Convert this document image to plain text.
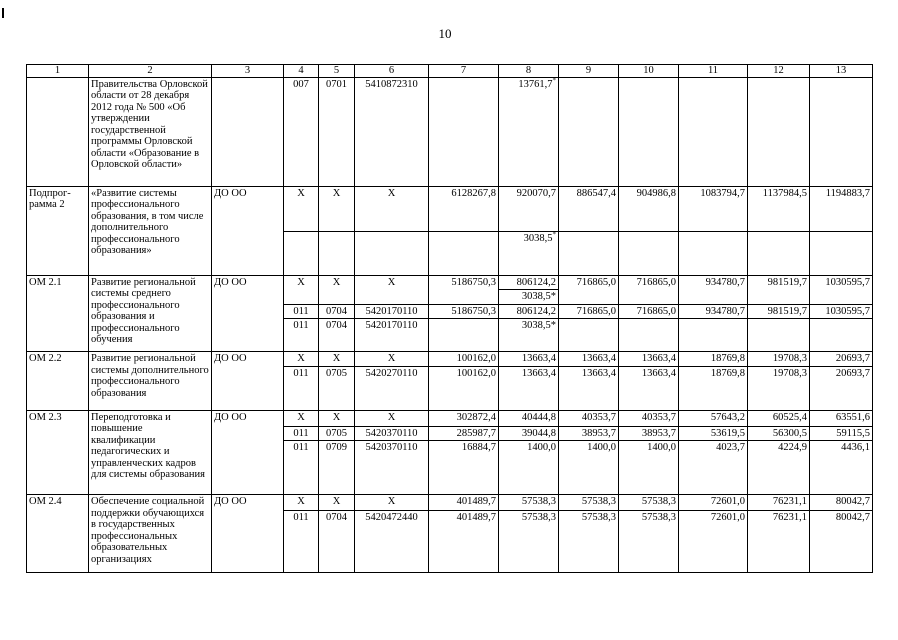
10
1	2	3	4	5	6	7	8	9	10	11	12	13
	Правительства Орловской области от 28 декабря 2012 года № 500 «Об утверждении государственной программы Орловской области «Образование в Орловской области»		007	0701	5410872310		13761,7*					
Подпрог-рамма 2	«Развитие системы профессионального образования, в том числе дополнительного профессионального образования»	ДО ОО	Х	Х	Х	6128267,8	920070,7	886547,4	904986,8	1083794,7	1137984,5	1194883,7
							3038,5*					
ОМ 2.1	Развитие региональной системы среднего профессионального образования и профессионального обучения	ДО ОО	Х	Х	Х	5186750,3	806124,2	716865,0	716865,0	934780,7	981519,7	1030595,7
							3038,5*					
			011	0704	5420170110	5186750,3	806124,2	716865,0	716865,0	934780,7	981519,7	1030595,7
			011	0704	5420170110		3038,5*					
ОМ 2.2	Развитие региональной системы дополнительного профессионального образования	ДО ОО	Х	Х	Х	100162,0	13663,4	13663,4	13663,4	18769,8	19708,3	20693,7
			011	0705	5420270110	100162,0	13663,4	13663,4	13663,4	18769,8	19708,3	20693,7
ОМ 2.3	Переподготовка и повышение квалификации педагогических и управленческих кадров для системы образования	ДО ОО	Х	Х	Х	302872,4	40444,8	40353,7	40353,7	57643,2	60525,4	63551,6
			011	0705	5420370110	285987,7	39044,8	38953,7	38953,7	53619,5	56300,5	59115,5
			011	0709	5420370110	16884,7	1400,0	1400,0	1400,0	4023,7	4224,9	4436,1
ОМ 2.4	Обеспечение социальной поддержки обучающихся в государственных профессиональных образовательных организациях	ДО ОО	Х	Х	Х	401489,7	57538,3	57538,3	57538,3	72601,0	76231,1	80042,7
			011	0704	5420472440	401489,7	57538,3	57538,3	57538,3	72601,0	76231,1	80042,7
